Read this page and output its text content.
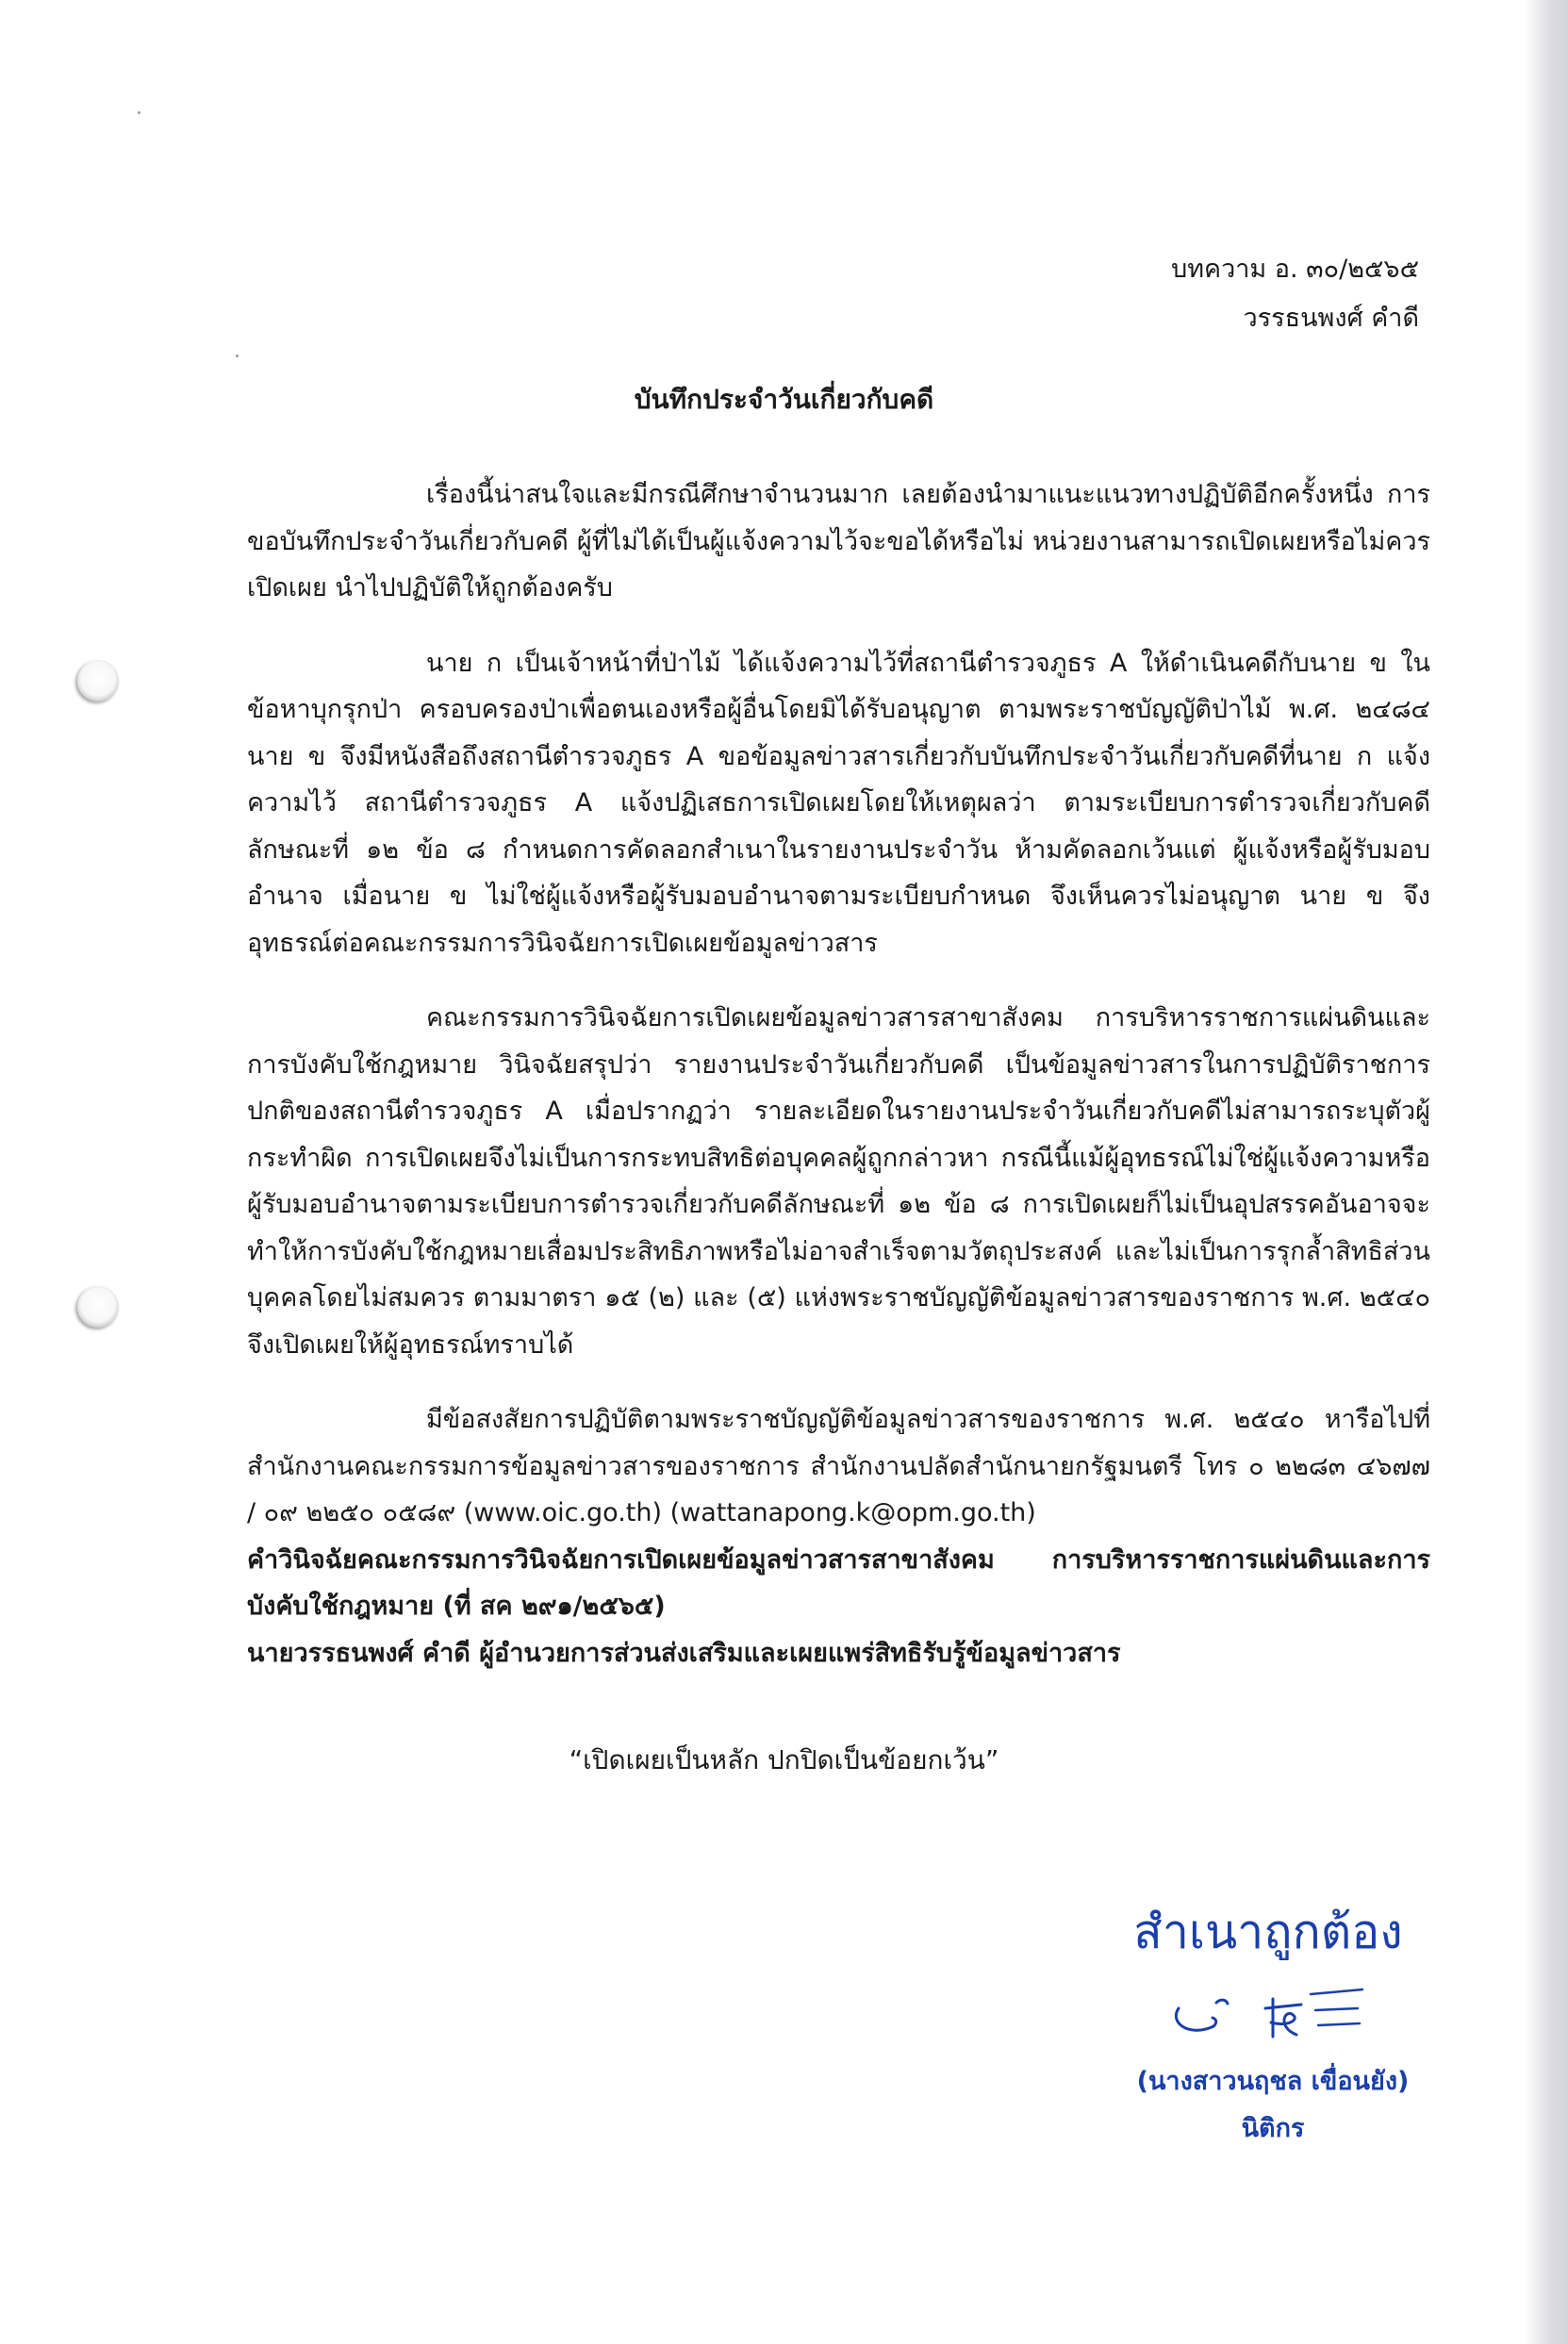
บทความ อ. ๓๐/๒๕๖๕
วรรธนพงศ์ คำดี
บันทึกประจำวันเกี่ยวกับคดี

เรื่องนี้น่าสนใจและมีกรณีศึกษาจำนวนมาก เลยต้องนำมาแนะแนวทางปฏิบัติอีกครั้งหนึ่ง การขอบันทึกประจำวันเกี่ยวกับคดี ผู้ที่ไม่ได้เป็นผู้แจ้งความไว้จะขอได้หรือไม่ หน่วยงานสามารถเปิดเผยหรือไม่ควรเปิดเผย นำไปปฏิบัติให้ถูกต้องครับ

นาย ก เป็นเจ้าหน้าที่ป่าไม้ ได้แจ้งความไว้ที่สถานีตำรวจภูธร A ให้ดำเนินคดีกับนาย ข ในข้อหาบุกรุกป่า ครอบครองป่าเพื่อตนเองหรือผู้อื่นโดยมิได้รับอนุญาต ตามพระราชบัญญัติป่าไม้ พ.ศ. ๒๔๘๔ นาย ข จึงมีหนังสือถึงสถานีตำรวจภูธร A ขอข้อมูลข่าวสารเกี่ยวกับบันทึกประจำวันเกี่ยวกับคดีที่นาย ก แจ้งความไว้ สถานีตำรวจภูธร A แจ้งปฏิเสธการเปิดเผยโดยให้เหตุผลว่า ตามระเบียบการตำรวจเกี่ยวกับคดีลักษณะที่ ๑๒ ข้อ ๘ กำหนดการคัดลอกสำเนาในรายงานประจำวัน ห้ามคัดลอกเว้นแต่ ผู้แจ้งหรือผู้รับมอบอำนาจ เมื่อนาย ข ไม่ใช่ผู้แจ้งหรือผู้รับมอบอำนาจตามระเบียบกำหนด จึงเห็นควรไม่อนุญาต นาย ข จึงอุทธรณ์ต่อคณะกรรมการวินิจฉัยการเปิดเผยข้อมูลข่าวสาร

คณะกรรมการวินิจฉัยการเปิดเผยข้อมูลข่าวสารสาขาสังคม การบริหารราชการแผ่นดินและการบังคับใช้กฎหมาย วินิจฉัยสรุปว่า รายงานประจำวันเกี่ยวกับคดี เป็นข้อมูลข่าวสารในการปฏิบัติราชการปกติของสถานีตำรวจภูธร A เมื่อปรากฏว่า รายละเอียดในรายงานประจำวันเกี่ยวกับคดีไม่สามารถระบุตัวผู้กระทำผิด การเปิดเผยจึงไม่เป็นการกระทบสิทธิต่อบุคคลผู้ถูกกล่าวหา กรณีนี้แม้ผู้อุทธรณ์ไม่ใช่ผู้แจ้งความหรือผู้รับมอบอำนาจตามระเบียบการตำรวจเกี่ยวกับคดีลักษณะที่ ๑๒ ข้อ ๘ การเปิดเผยก็ไม่เป็นอุปสรรคอันอาจจะทำให้การบังคับใช้กฎหมายเสื่อมประสิทธิภาพหรือไม่อาจสำเร็จตามวัตถุประสงค์ และไม่เป็นการรุกล้ำสิทธิส่วนบุคคลโดยไม่สมควร ตามมาตรา ๑๕ (๒) และ (๕) แห่งพระราชบัญญัติข้อมูลข่าวสารของราชการ พ.ศ. ๒๕๔๐ จึงเปิดเผยให้ผู้อุทธรณ์ทราบได้

มีข้อสงสัยการปฏิบัติตามพระราชบัญญัติข้อมูลข่าวสารของราชการ พ.ศ. ๒๕๔๐ หารือไปที่สำนักงานคณะกรรมการข้อมูลข่าวสารของราชการ สำนักงานปลัดสำนักนายกรัฐมนตรี โทร ๐ ๒๒๘๓ ๔๖๗๗ / ๐๙ ๒๒๕๐ ๐๕๘๙ (www.oic.go.th) (wattanapong.k@opm.go.th)

คำวินิจฉัยคณะกรรมการวินิจฉัยการเปิดเผยข้อมูลข่าวสารสาขาสังคม การบริหารราชการแผ่นดินและการบังคับใช้กฎหมาย (ที่ สค ๒๙๑/๒๕๖๕)

นายวรรธนพงศ์ คำดี ผู้อำนวยการส่วนส่งเสริมและเผยแพร่สิทธิรับรู้ข้อมูลข่าวสาร

“เปิดเผยเป็นหลัก ปกปิดเป็นข้อยกเว้น”
สำเนาถูกต้อง
(นางสาวนฤชล เขื่อนยัง)
นิติกร
